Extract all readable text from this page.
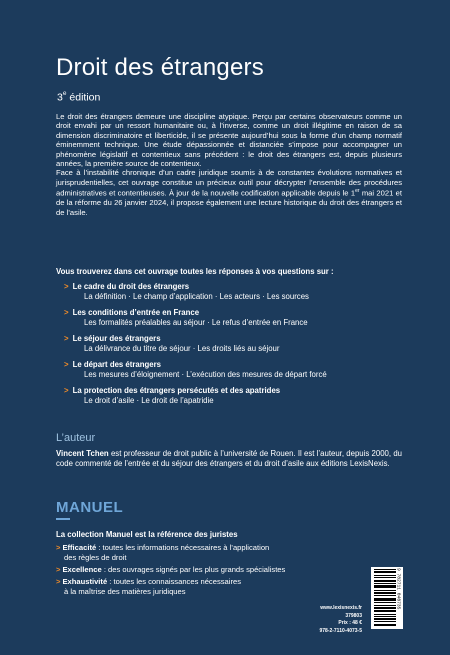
Droit des étrangers
3e édition

Le droit des étrangers demeure une discipline atypique. Perçu par certains observateurs comme un droit envahi par un ressort humanitaire ou, à l’inverse, comme un droit illégitime en raison de sa dimension discriminatoire et liberticide, il se présente aujourd’hui sous la forme d’un champ normatif éminemment technique. Une étude dépassionnée et distanciée s’impose pour accompagner un phénomène législatif et contentieux sans précédent : le droit des étrangers est, depuis plusieurs années, la première source de contentieux.

Face à l’instabilité chronique d’un cadre juridique soumis à de constantes évolutions normatives et jurisprudentielles, cet ouvrage constitue un précieux outil pour décrypter l’ensemble des procédures administratives et contentieuses. À jour de la nouvelle codification applicable depuis le 1er mai 2021 et de la réforme du 26 janvier 2024, il propose également une lecture historique du droit des étrangers et de l’asile.

Vous trouverez dans cet ouvrage toutes les réponses à vos questions sur :
> Le cadre du droit des étrangers
La définition · Le champ d’application · Les acteurs · Les sources
> Les conditions d’entrée en France
Les formalités préalables au séjour · Le refus d’entrée en France
> Le séjour des étrangers
La délivrance du titre de séjour · Les droits liés au séjour
> Le départ des étrangers
Les mesures d’éloignement · L’exécution des mesures de départ forcé
> La protection des étrangers persécutés et des apatrides
Le droit d’asile · Le droit de l’apatridie
L’auteur
Vincent Tchen est professeur de droit public à l’université de Rouen. Il est l’auteur, depuis 2000, du code commenté de l’entrée et du séjour des étrangers et du droit d’asile aux éditions LexisNexis.
MANUEL
La collection Manuel est la référence des juristes
> Efficacité : toutes les informations nécessaires à l’application
des règles de droit
> Excellence : des ouvrages signés par les plus grands spécialistes
> Exhaustivité : toutes les connaissances nécessaires
à la maîtrise des matières juridiques
www.lexisnexis.fr
379803
Prix : 48 €
978-2-7110-4073-5
9 782711 040735
